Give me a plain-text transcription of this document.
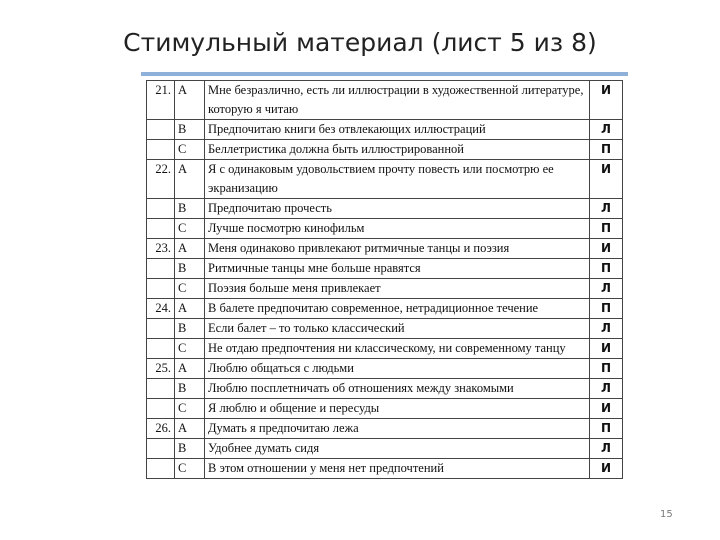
Стимульный материал (лист 5 из 8)
21.	A	Мне безразлично, есть ли иллюстрации в художественной литературе, которую я читаю	И
	B	Предпочитаю книги без отвлекающих иллюстраций	Л
	C	Беллетристика должна быть иллюстрированной	П
22.	A	Я с одинаковым удовольствием прочту повесть или посмотрю ее экранизацию	И
	B	Предпочитаю прочесть	Л
	C	Лучше посмотрю кинофильм	П
23.	A	Меня одинаково привлекают ритмичные танцы и поэзия	И
	B	Ритмичные танцы мне больше нравятся	П
	C	Поэзия больше меня привлекает	Л
24.	A	В балете предпочитаю современное, нетрадиционное течение	П
	B	Если балет – то только классический	Л
	C	Не отдаю предпочтения ни классическому, ни современному танцу	И
25.	A	Люблю общаться с людьми	П
	B	Люблю посплетничать об отношениях между знакомыми	Л
	C	Я люблю и общение и пересуды	И
26.	A	Думать я предпочитаю лежа	П
	B	Удобнее думать сидя	Л
	C	В этом отношении у меня нет предпочтений	И
15
